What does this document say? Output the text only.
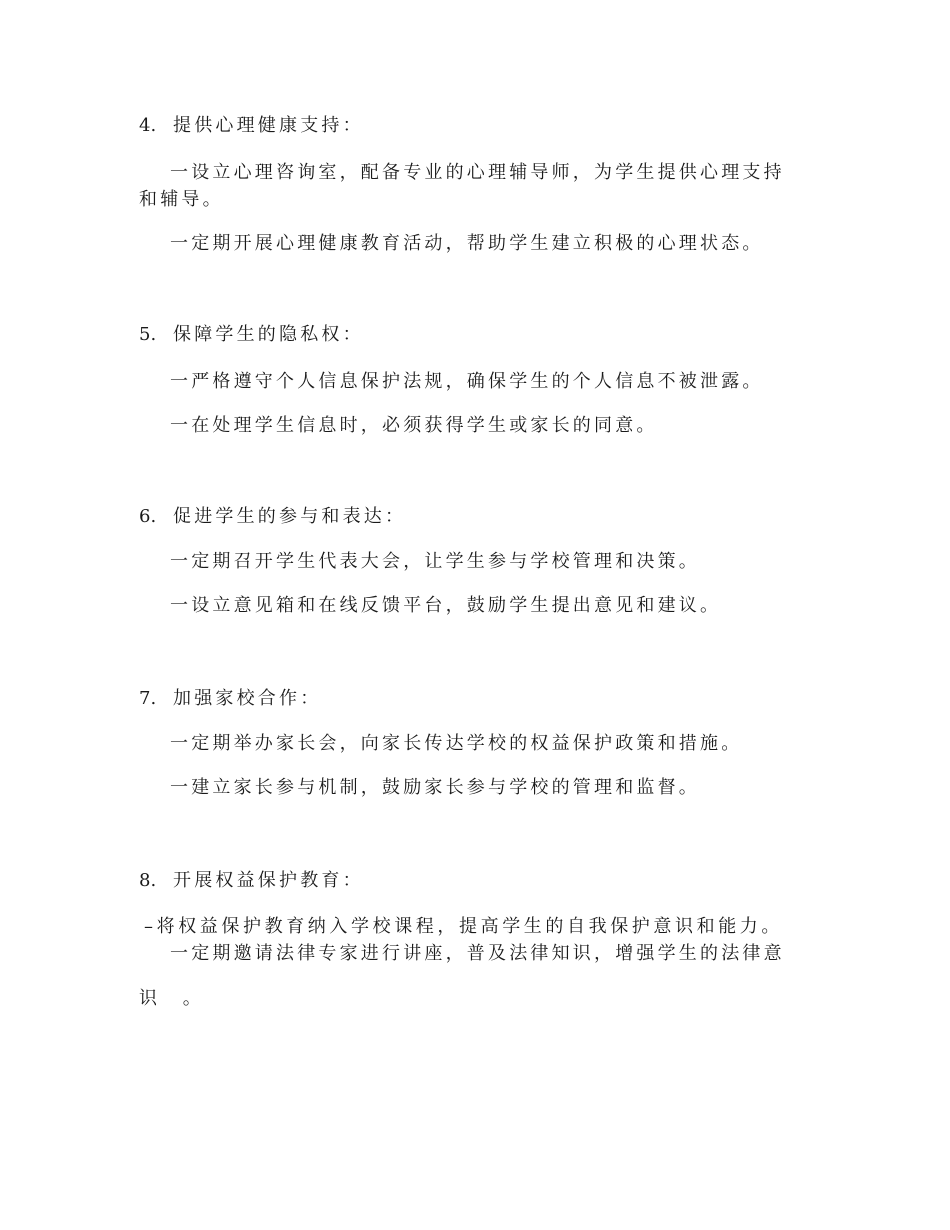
4. 提供心理健康支持：
一设立心理咨询室，配备专业的心理辅导师，为学生提供心理支持
和辅导。
一定期开展心理健康教育活动，帮助学生建立积极的心理状态。
5. 保障学生的隐私权：
一严格遵守个人信息保护法规，确保学生的个人信息不被泄露。
一在处理学生信息时，必须获得学生或家长的同意。
6. 促进学生的参与和表达：
一定期召开学生代表大会，让学生参与学校管理和决策。
一设立意见箱和在线反馈平台，鼓励学生提出意见和建议。
7. 加强家校合作：
一定期举办家长会，向家长传达学校的权益保护政策和措施。
一建立家长参与机制，鼓励家长参与学校的管理和监督。
8. 开展权益保护教育：
–将权益保护教育纳入学校课程，提高学生的自我保护意识和能力。
一定期邀请法律专家进行讲座，普及法律知识，增强学生的法律意
识 。
